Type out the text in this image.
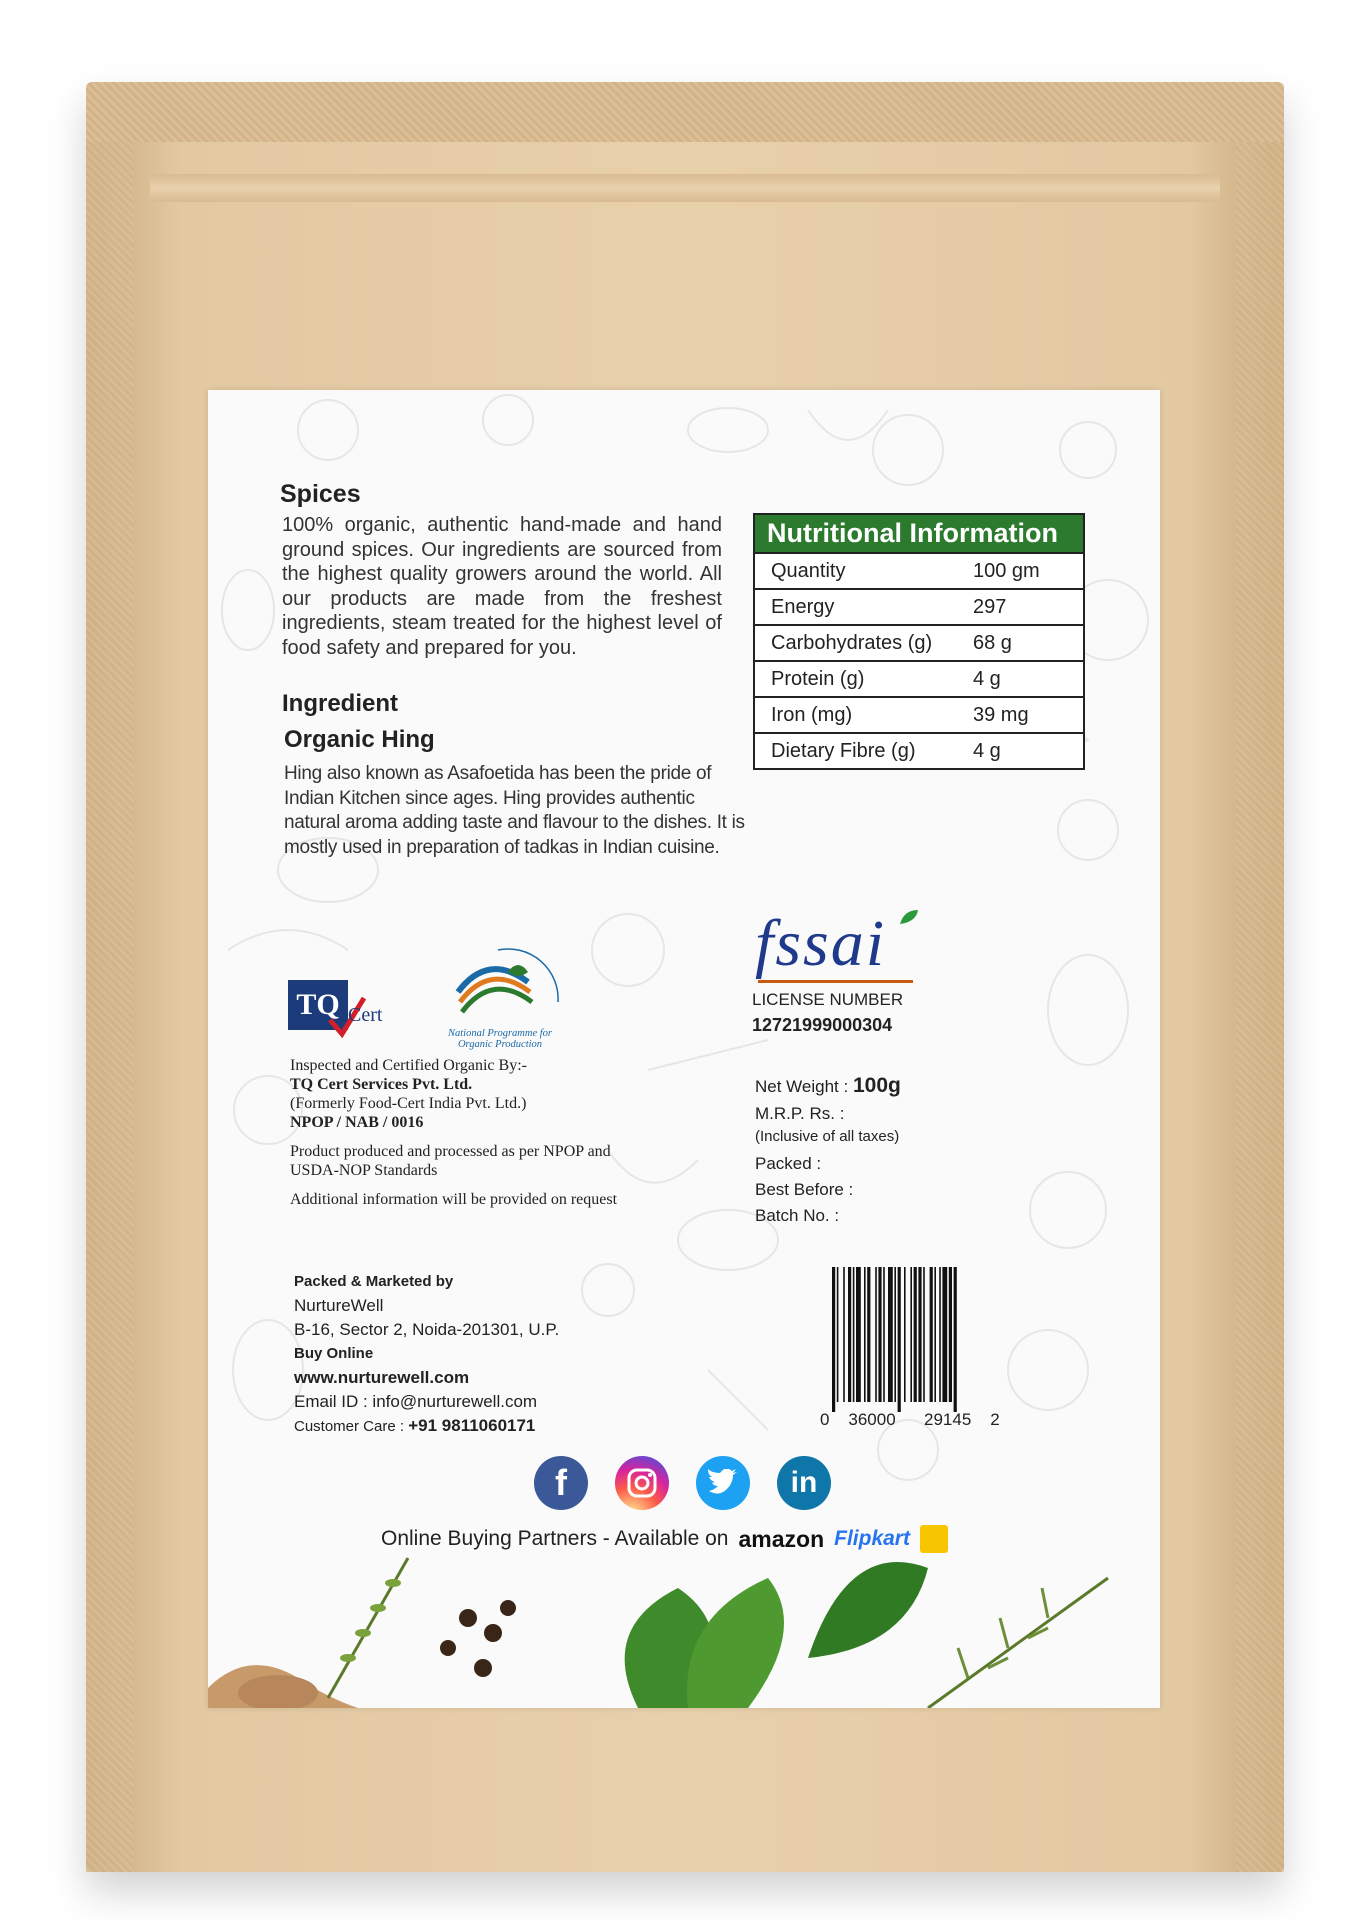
Spices
100% organic, authentic hand-made and hand ground spices. Our ingredients are sourced from the highest quality growers around the world. All our products are made from the freshest ingredients, steam treated for the highest level of food safety and prepared for you.
Ingredient
Organic Hing
Hing also known as Asafoetida has been the pride of Indian Kitchen since ages. Hing provides authentic natural aroma adding taste and flavour to the dishes. It is mostly used in preparation of tadkas in Indian cuisine.
Nutritional Information
Quantity	100 gm
Energy	297
Carbohydrates (g)	68 g
Protein (g)	4 g
Iron (mg)	39 mg
Dietary Fibre (g)	4 g
TQ Cert
National Programme for Organic Production
Inspected and Certified Organic By:-
TQ Cert Services Pvt. Ltd.
(Formerly Food-Cert India Pvt. Ltd.)
NPOP / NAB / 0016
Product produced and processed as per NPOP and USDA-NOP Standards
Additional information will be provided on request
fssai
LICENSE NUMBER
12721999000304
Net Weight : 100g
M.R.P. Rs. :
(Inclusive of all taxes)
Packed :
Best Before :
Batch No. :
0 36000 29145 2
Packed & Marketed by
NurtureWell
B-16, Sector 2, Noida-201301, U.P.
Buy Online
www.nurturewell.com
Email ID : info@nurturewell.com
Customer Care : +91 9811060171
f	in
Online Buying Partners - Available on amazon Flipkart
